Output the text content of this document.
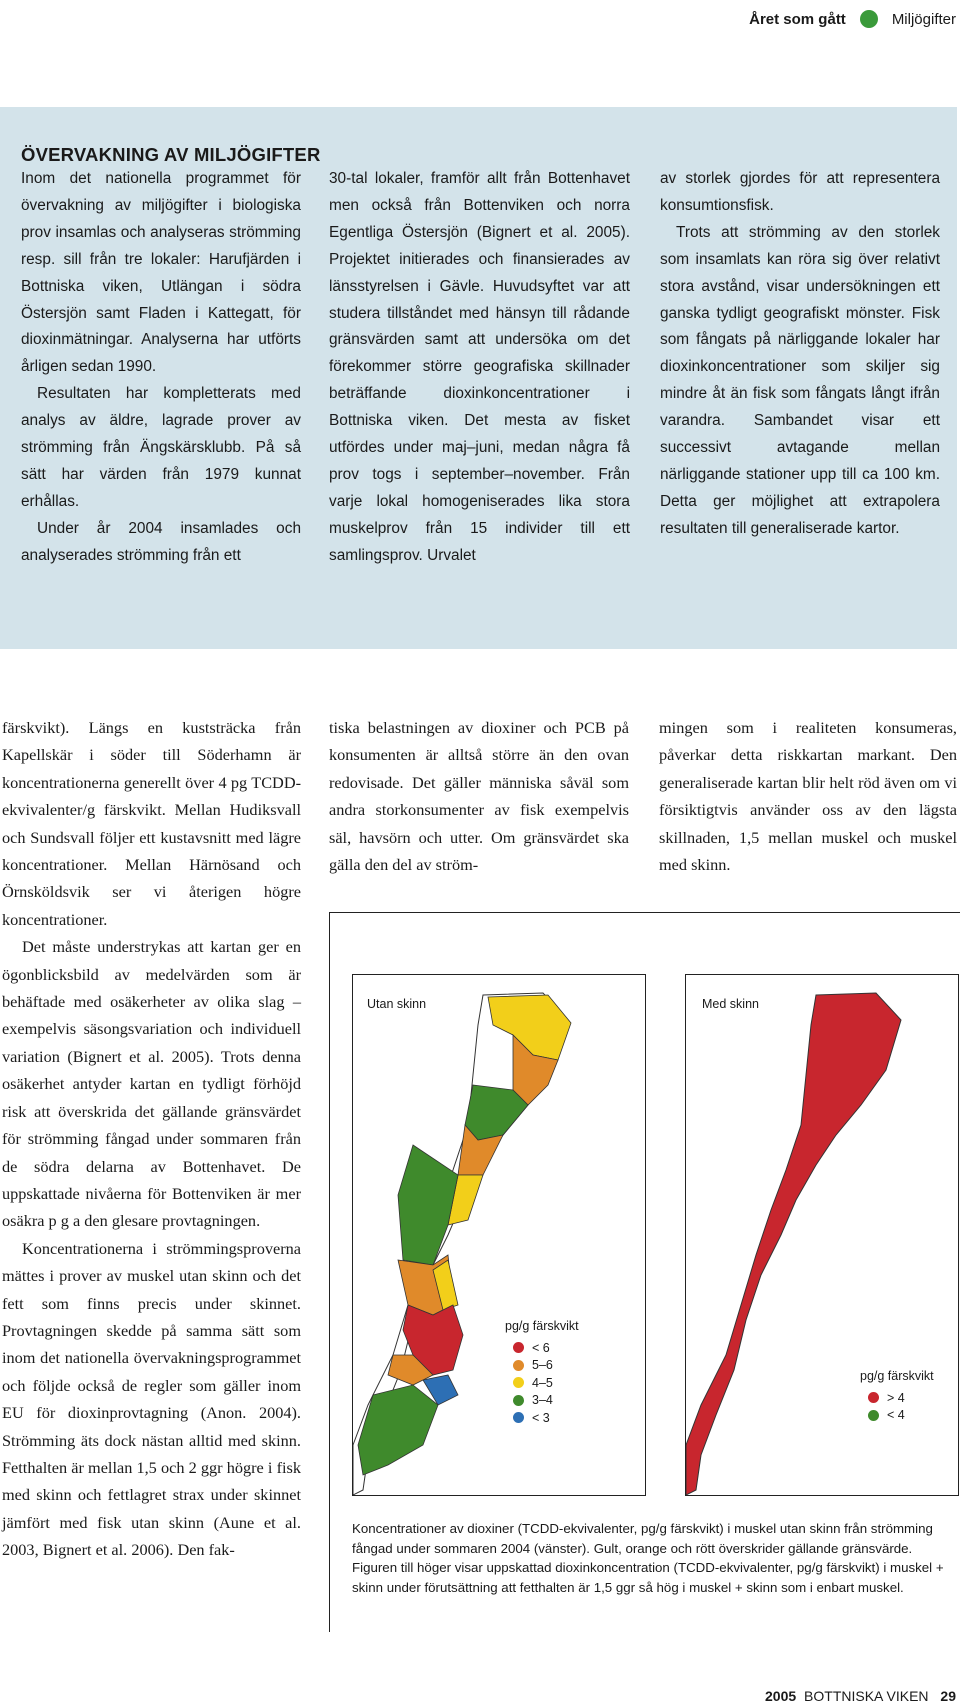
Året som gått	Miljögifter
ÖVERVAKNING AV MILJÖGIFTER

Inom det nationella programmet för övervakning av miljögifter i biologiska prov insamlas och analyseras strömming resp. sill från tre lokaler: Harufjärden i Bottniska viken, Utlängan i södra Östersjön samt Fladen i Kattegatt, för dioxinmätningar. Analyserna har utförts årligen sedan 1990.

Resultaten har kompletterats med analys av äldre, lagrade prover av strömming från Ängskärsklubb. På så sätt har värden från 1979 kunnat erhållas.

Under år 2004 insamlades och analyserades strömming från ett

30-tal lokaler, framför allt från Bottenhavet men också från Bottenviken och norra Egentliga Östersjön (Bignert et al. 2005). Projektet initierades och finansierades av länsstyrelsen i Gävle. Huvudsyftet var att studera tillståndet med hänsyn till rådande gränsvärden samt att undersöka om det förekommer större geografiska skillnader beträffande dioxinkoncentrationer i Bottniska viken. Det mesta av fisket utfördes under maj–juni, medan några få prov togs i september–november. Från varje lokal homogeniserades lika stora muskelprov från 15 individer till ett samlingsprov. Urvalet

av storlek gjordes för att representera konsumtionsfisk.

Trots att strömming av den storlek som insamlats kan röra sig över relativt stora avstånd, visar undersökningen ett ganska tydligt geografiskt mönster. Fisk som fångats på närliggande lokaler har dioxinkoncentrationer som skiljer sig mindre åt än fisk som fångats långt ifrån varandra. Sambandet visar ett successivt avtagande mellan närliggande stationer upp till ca 100 km. Detta ger möjlighet att extrapolera resultaten till generaliserade kartor.

färskvikt). Längs en kuststräcka från Kapellskär i söder till Söderhamn är koncentrationerna generellt över 4 pg TCDD-ekvivalenter/g färskvikt. Mellan Hudiksvall och Sundsvall följer ett kustavsnitt med lägre koncentrationer. Mellan Härnösand och Örnsköldsvik ser vi återigen högre koncentrationer.

Det måste understrykas att kartan ger en ögonblicksbild av medelvärden som är behäftade med osäkerheter av olika slag – exempelvis säsongsvariation och individuell variation (Bignert et al. 2005). Trots denna osäkerhet antyder kartan en tydligt förhöjd risk att överskrida det gällande gränsvärdet för strömming fångad under sommaren från de södra delarna av Bottenhavet. De uppskattade nivåerna för Bottenviken är mer osäkra p g a den glesare provtagningen.

Koncentrationerna i strömmingsproverna mättes i prover av muskel utan skinn och det fett som finns precis under skinnet. Provtagningen skedde på samma sätt som inom det nationella övervakningsprogrammet och följde också de regler som gäller inom EU för dioxinprovtagning (Anon. 2004). Strömming äts dock nästan alltid med skinn. Fetthalten är mellan 1,5 och 2 ggr högre i fisk med skinn och fettlagret strax under skinnet jämfört med fisk utan skinn (Aune et al. 2003, Bignert et al. 2006). Den fak-

tiska belastningen av dioxiner och PCB på konsumenten är alltså större än den ovan redovisade. Det gäller människa såväl som andra storkonsumenter av fisk exempelvis säl, havsörn och utter. Om gränsvärdet ska gälla den del av ström-

mingen som i realiteten konsumeras, påverkar detta riskkartan markant. Den generaliserade kartan blir helt röd även om vi försiktigtvis använder oss av den lägsta skillnaden, 1,5 mellan muskel och muskel med skinn.

Utan skinn
pg/g färskvikt
< 6
5–6
4–5
3–4
< 3
Med skinn
pg/g färskvikt
> 4
< 4
Koncentrationer av dioxiner (TCDD-ekvivalenter, pg/g färskvikt) i muskel utan skinn från strömming fångad under sommaren 2004 (vänster). Gult, orange och rött överskrider gällande gränsvärde. Figuren till höger visar uppskattad dioxinkoncentration (TCDD-ekvivalenter, pg/g färskvikt) i muskel + skinn under förutsättning att fetthalten är 1,5 ggr så hög i muskel + skinn som i enbart muskel.
2005 BOTTNISKA VIKEN 29
